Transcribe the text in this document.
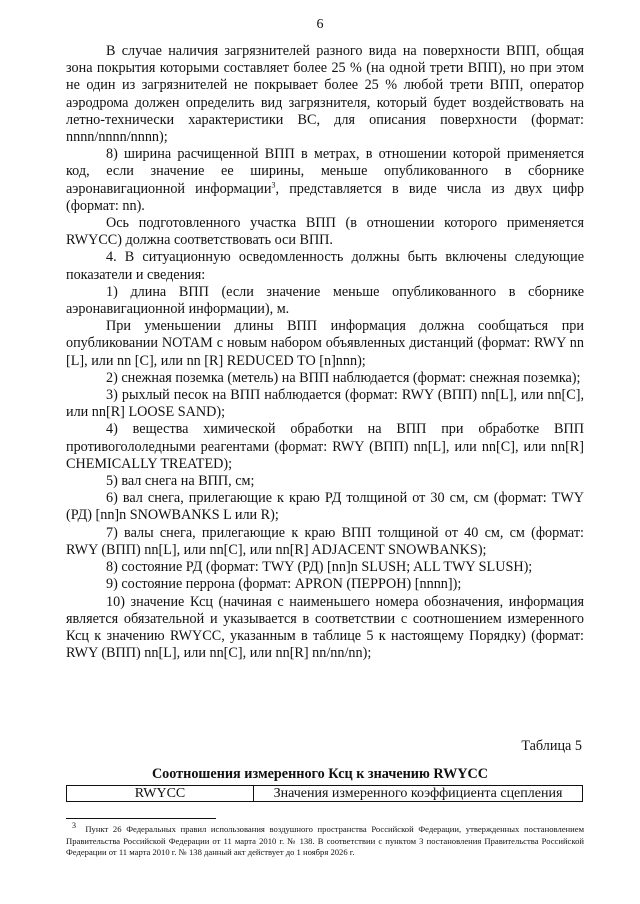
6

В случае наличия загрязнителей разного вида на поверхности ВПП, общая зона покрытия которыми составляет более 25 % (на одной трети ВПП), но при этом не один из загрязнителей не покрывает более 25 % любой трети ВПП, оператор аэродрома должен определить вид загрязнителя, который будет воздействовать на летно-технически характеристики ВС, для описания поверхности (формат: nnnn/nnnn/nnnn);

8) ширина расчищенной ВПП в метрах, в отношении которой применяется код, если значение ее ширины, меньше опубликованного в сборнике аэронавигационной информации$^3$, представляется в виде числа из двух цифр (формат: nn).

Ось подготовленного участка ВПП (в отношении которого применяется RWYCC) должна соответствовать оси ВПП.

4. В ситуационную осведомленность должны быть включены следующие показатели и сведения:

1) длина ВПП (если значение меньше опубликованного в сборнике аэронавигационной информации), м.

При уменьшении длины ВПП информация должна сообщаться при опубликовании NOTAM с новым набором объявленных дистанций (формат: RWY nn [L], или nn [C], или nn [R] REDUCED TO [n]nnn);

2) снежная поземка (метель) на ВПП наблюдается (формат: снежная поземка);

3) рыхлый песок на ВПП наблюдается (формат: RWY (ВПП) nn[L], или nn[C], или nn[R] LOOSE SAND);

4) вещества химической обработки на ВПП при обработке ВПП противогололедными реагентами (формат: RWY (ВПП) nn[L], или nn[C], или nn[R] CHEMICALLY TREATED);

5) вал снега на ВПП, см;

6) вал снега, прилегающие к краю РД толщиной от 30 см, см (формат: TWY (РД) [nn]n SNOWBANKS L или R);

7) валы снега, прилегающие к краю ВПП толщиной от 40 см, см (формат: RWY (ВПП) nn[L], или nn[C], или nn[R] ADJACENT SNOWBANKS);

8) состояние РД (формат: TWY (РД) [nn]n SLUSH; ALL TWY SLUSH);

9) состояние перрона (формат: APRON (ПЕРРОН) [nnnn]);

10) значение Ксц (начиная с наименьшего номера обозначения, информация является обязательной и указывается в соответствии с соотношением измеренного Ксц к значению RWYCC, указанным в таблице 5 к настоящему Порядку) (формат: RWY (ВПП) nn[L], или nn[C], или nn[R] nn/nn/nn);

Таблица 5
Соотношения измеренного Ксц к значению RWYCC
RWYCC	Значения измеренного коэффициента сцепления

$^3$ Пункт 26 Федеральных правил использования воздушного пространства Российской Федерации, утвержденных постановлением Правительства Российской Федерации от 11 марта 2010 г. № 138. В соответствии с пунктом 3 постановления Правительства Российской Федерации от 11 марта 2010 г. № 138 данный акт действует до 1 ноября 2026 г.
